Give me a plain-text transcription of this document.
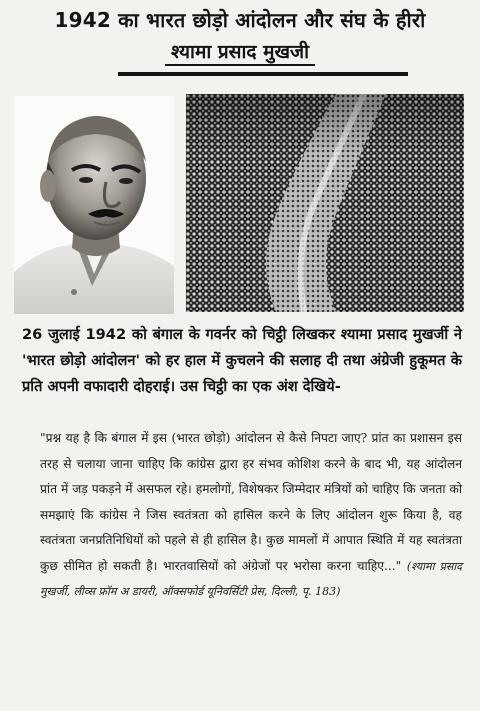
1942 का भारत छोड़ो आंदोलन और संघ के हीरो
श्यामा प्रसाद मुखजी
26 जुलाई 1942 को बंगाल के गवर्नर को चिट्ठी लिखकर श्यामा प्रसाद मुखर्जी ने 'भारत छोड़ो आंदोलन' को हर हाल में कुचलने की सलाह दी तथा अंग्रेजी हुकूमत के प्रति अपनी वफादारी दोहराई। उस चिट्ठी का एक अंश देखिये-
"प्रश्न यह है कि बंगाल में इस (भारत छोड़ो) आंदोलन से कैसे निपटा जाए? प्रांत का प्रशासन इस तरह से चलाया जाना चाहिए कि कांग्रेस द्वारा हर संभव कोशिश करने के बाद भी, यह आंदोलन प्रांत में जड़ पकड़ने में असफल रहे। हमलोगों, विशेषकर जिम्मेदार मंत्रियों को चाहिए कि जनता को समझाएं कि कांग्रेस ने जिस स्वतंत्रता को हासिल करने के लिए आंदोलन शुरू किया है, वह स्वतंत्रता जनप्रतिनिधियों को पहले से ही हासिल है। कुछ मामलों में आपात स्थिति में यह स्वतंत्रता कुछ सीमित हो सकती है। भारतवासियों को अंग्रेजों पर भरोसा करना चाहिए..." (श्यामा प्रसाद मुखर्जी, लीव्स फ्रॉम अ डायरी, ऑक्सफोर्ड यूनिवर्सिटी प्रेस, दिल्ली, पृ. 183)
